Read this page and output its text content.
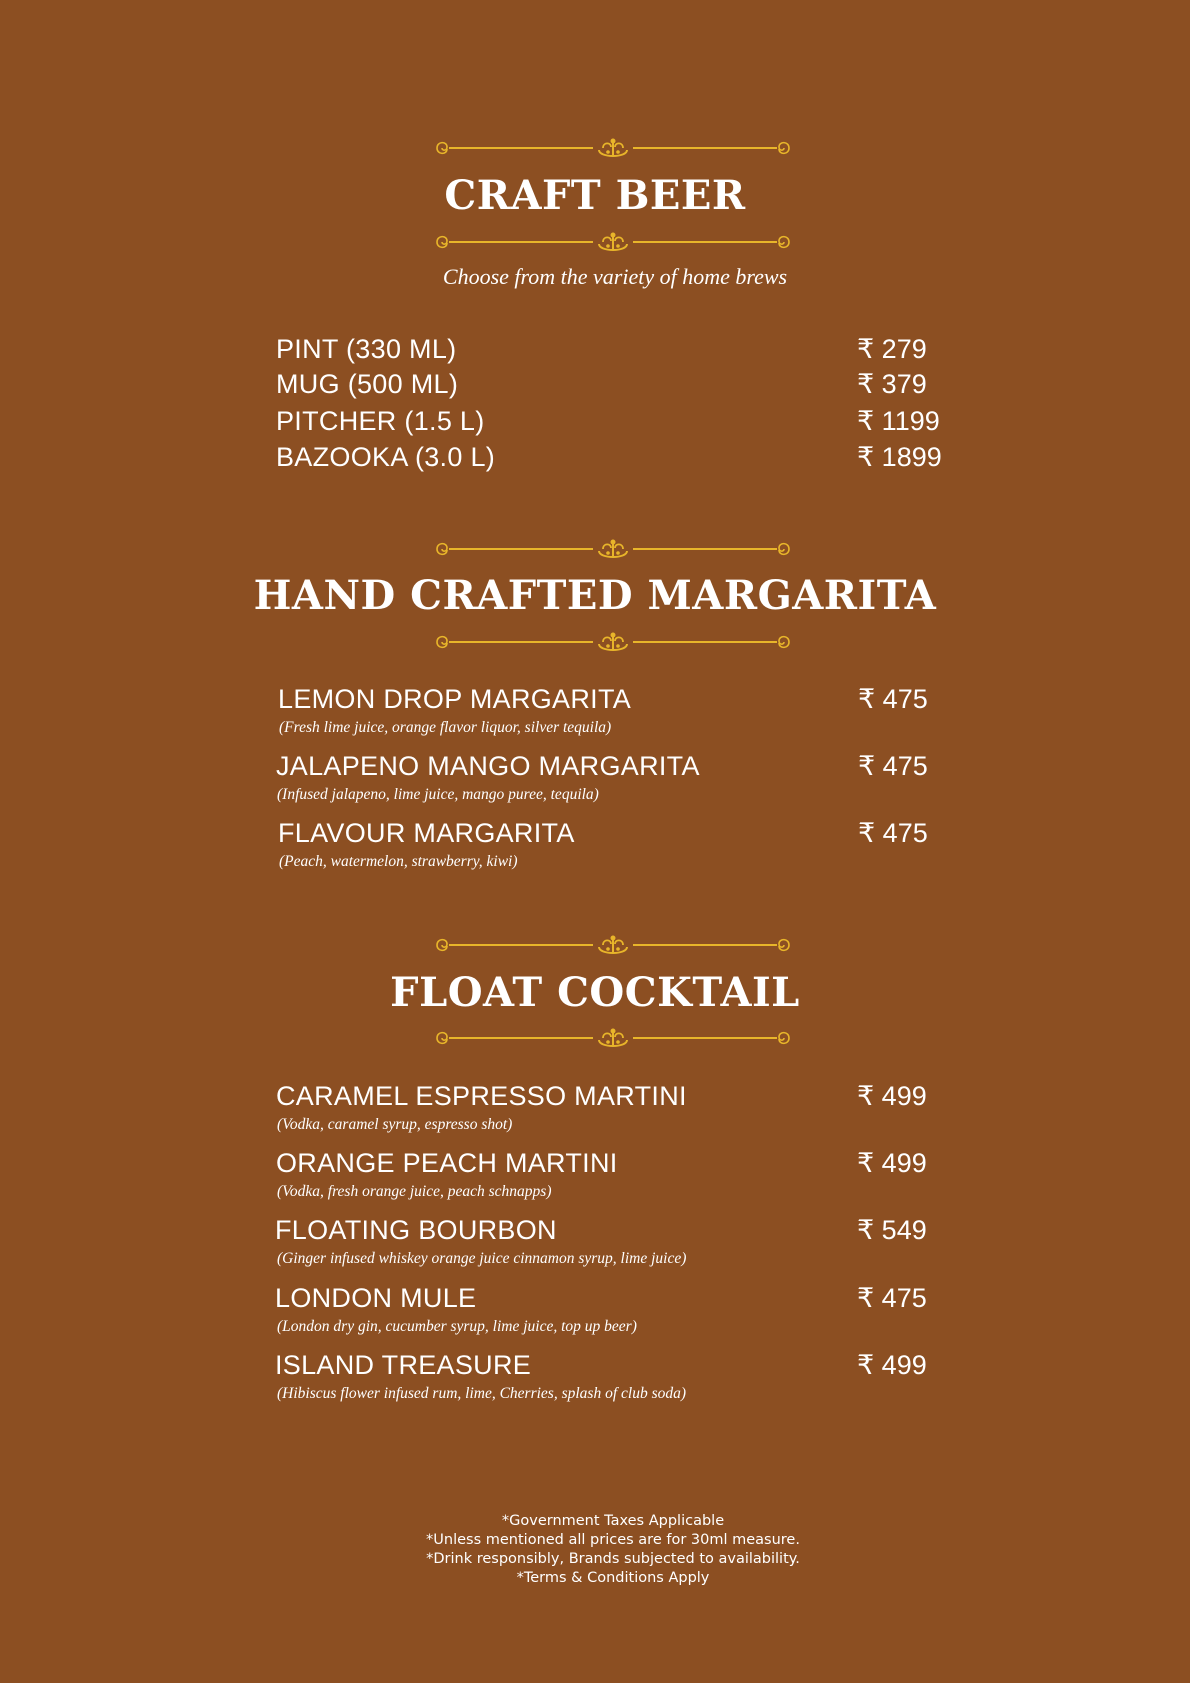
CRAFT BEER
Choose from the variety of home brews
PINT (330 ML)	₹ 279
MUG (500 ML)	₹ 379
PITCHER (1.5 L)	₹ 1199
BAZOOKA (3.0 L)	₹ 1899
HAND CRAFTED MARGARITA
LEMON DROP MARGARITA	₹ 475
(Fresh lime juice, orange flavor liquor, silver tequila)
JALAPENO MANGO MARGARITA	₹ 475
(Infused jalapeno, lime juice, mango puree, tequila)
FLAVOUR MARGARITA	₹ 475
(Peach, watermelon, strawberry, kiwi)
FLOAT COCKTAIL
CARAMEL ESPRESSO MARTINI	₹ 499
(Vodka, caramel syrup, espresso shot)
ORANGE PEACH MARTINI	₹ 499
(Vodka, fresh orange juice, peach schnapps)
FLOATING BOURBON	₹ 549
(Ginger infused whiskey orange juice cinnamon syrup, lime juice)
LONDON MULE	₹ 475
(London dry gin, cucumber syrup, lime juice, top up beer)
ISLAND TREASURE	₹ 499
(Hibiscus flower infused rum, lime, Cherries, splash of club soda)
*Government Taxes Applicable
*Unless mentioned all prices are for 30ml measure.
*Drink responsibly, Brands subjected to availability.
*Terms & Conditions Apply
